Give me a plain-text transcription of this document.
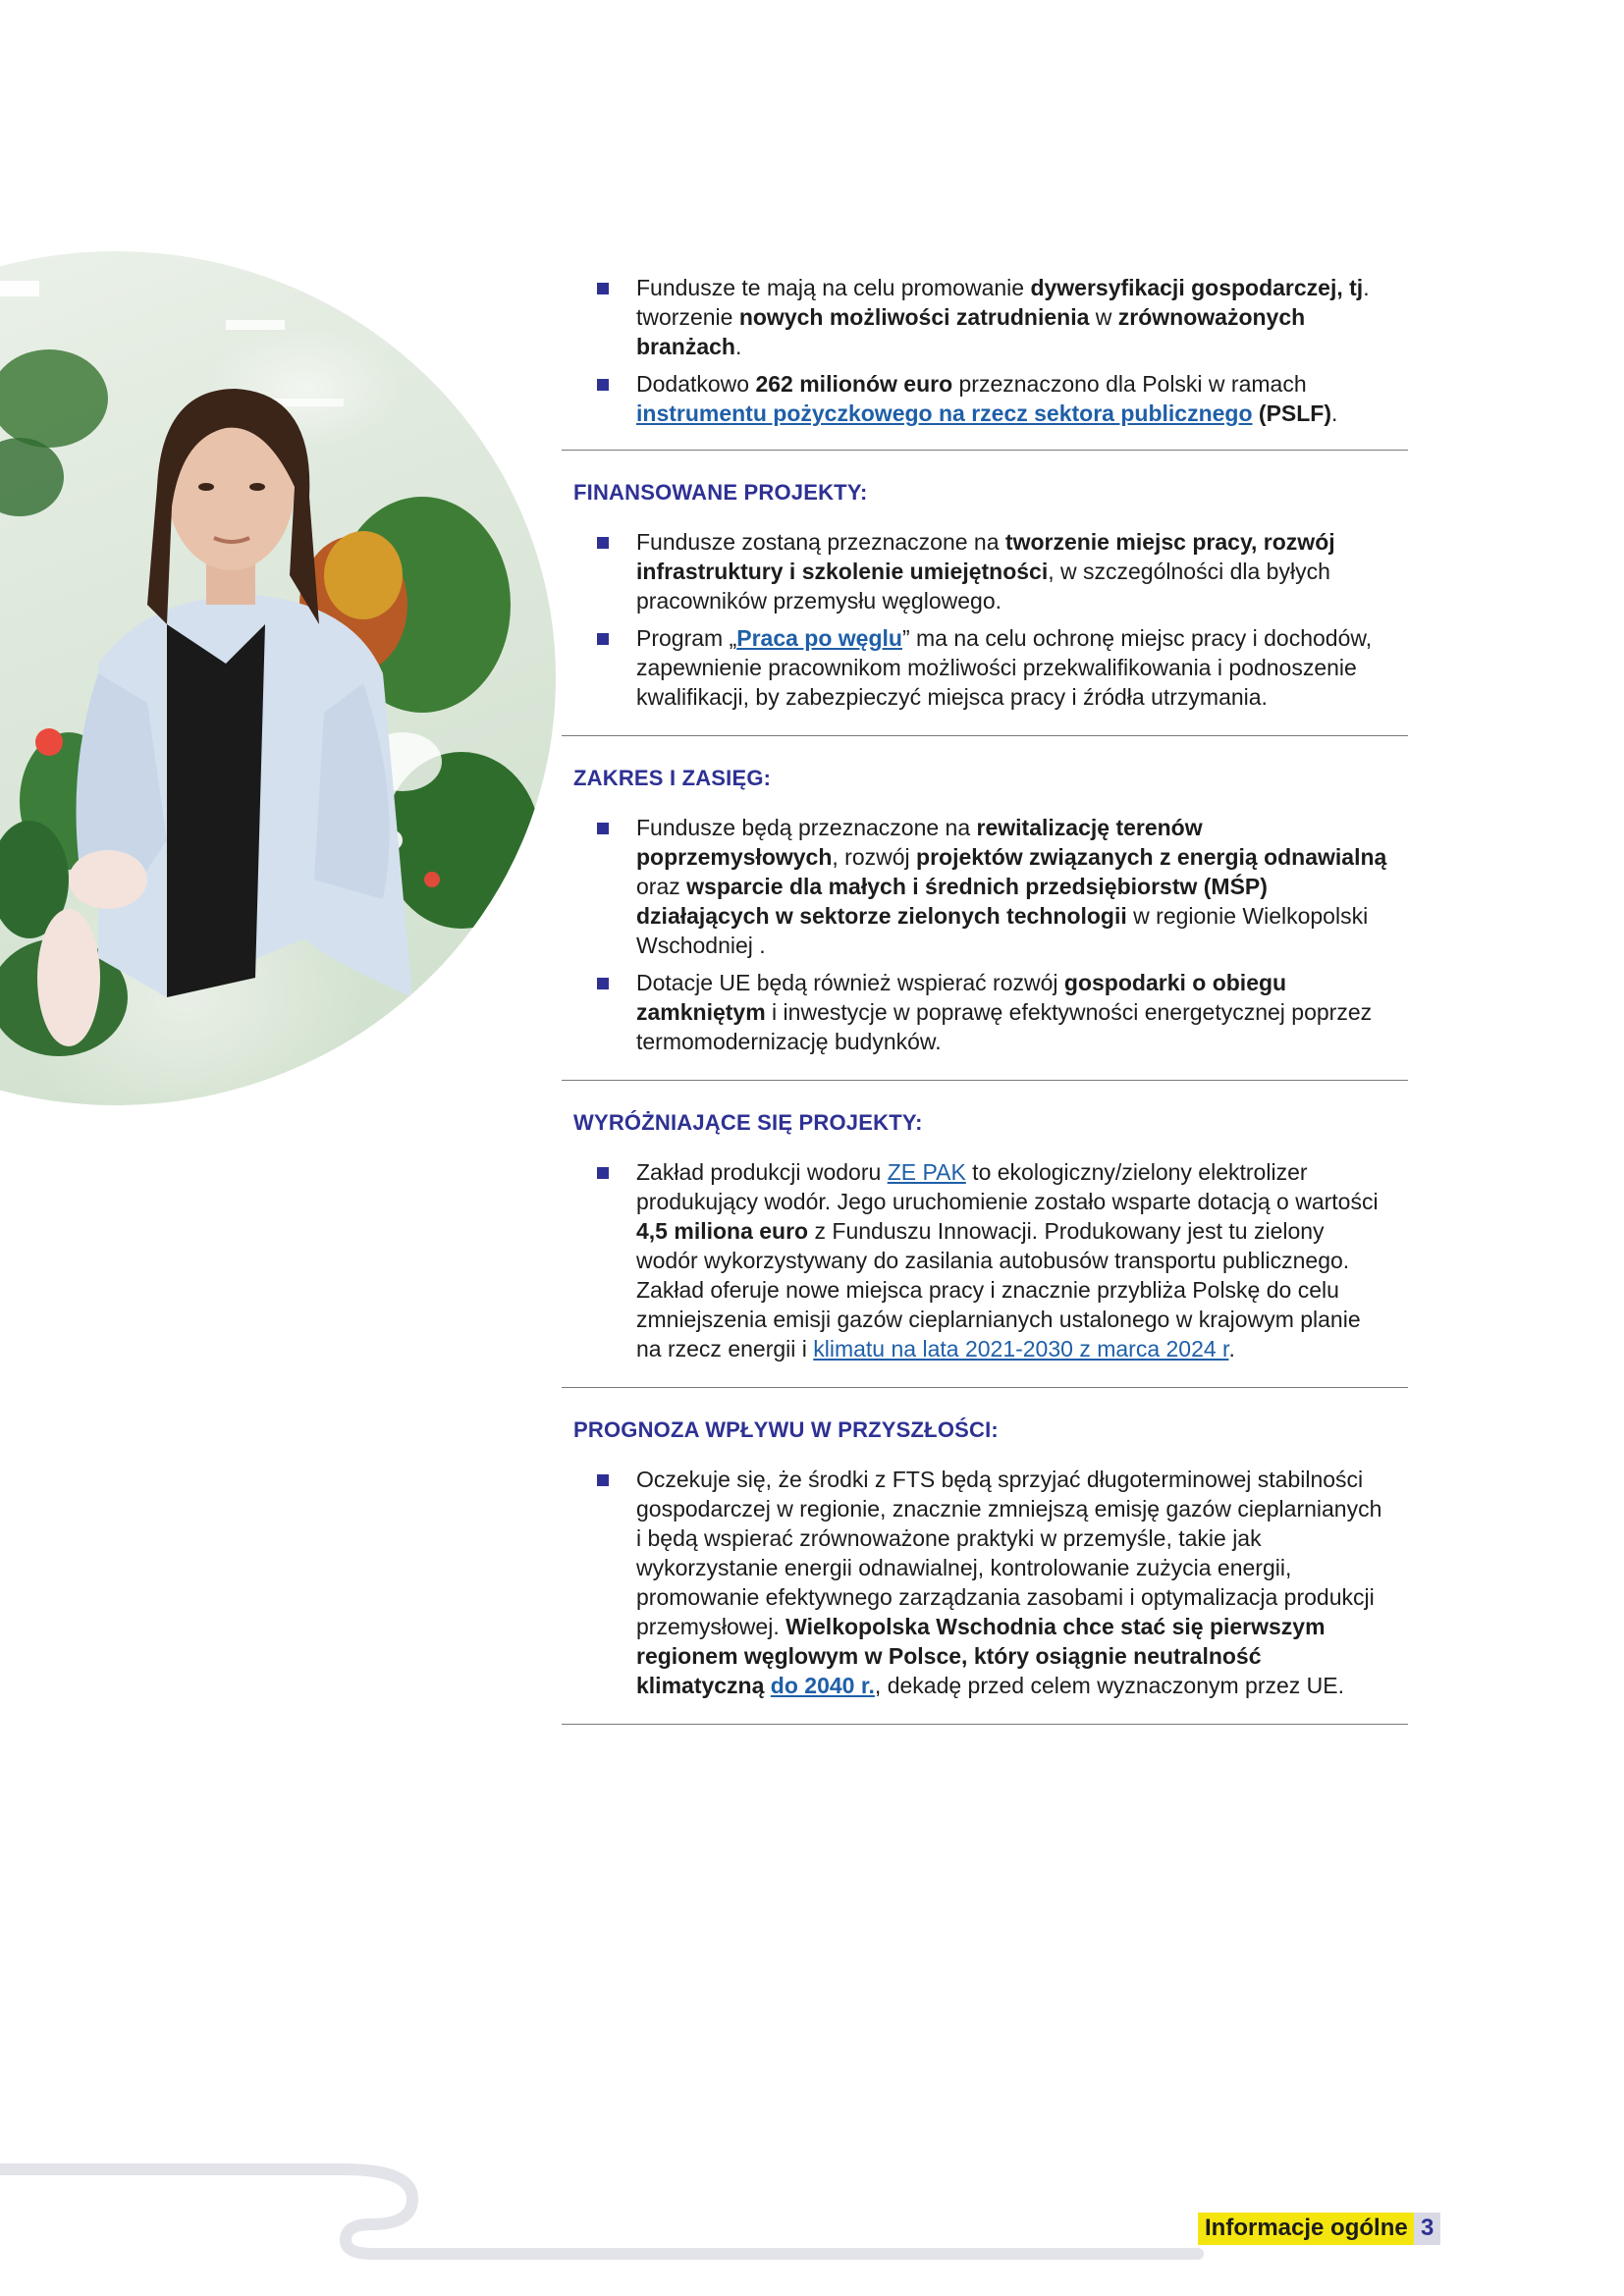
Fundusze te mają na celu promowanie dywersyfikacji gospodarczej, tj. tworzenie nowych możliwości zatrudnienia w zrównoważonych branżach.
Dodatkowo 262 milionów euro przeznaczono dla Polski w ramach instrumentu pożyczkowego na rzecz sektora publicznego (PSLF).
FINANSOWANE PROJEKTY:
Fundusze zostaną przeznaczone na tworzenie miejsc pracy, rozwój infrastruktury i szkolenie umiejętności, w szczególności dla byłych pracowników przemysłu węglowego.
Program „Praca po węglu” ma na celu ochronę miejsc pracy i dochodów, zapewnienie pracownikom możliwości przekwalifikowania i podnoszenie kwalifikacji, by zabezpieczyć miejsca pracy i źródła utrzymania.
ZAKRES I ZASIĘG:
Fundusze będą przeznaczone na rewitalizację terenów poprzemysłowych, rozwój projektów związanych z energią odnawialną oraz wsparcie dla małych i średnich przedsiębiorstw (MŚP) działających w sektorze zielonych technologii w regionie Wielkopolski Wschodniej .
Dotacje UE będą również wspierać rozwój gospodarki o obiegu zamkniętym i inwestycje w poprawę efektywności energetycznej poprzez termomodernizację budynków.
WYRÓŻNIAJĄCE SIĘ PROJEKTY:
Zakład produkcji wodoru ZE PAK to ekologiczny/zielony elektrolizer produkujący wodór. Jego uruchomienie zostało wsparte dotacją o wartości 4,5 miliona euro z Funduszu Innowacji. Produkowany jest tu zielony wodór wykorzystywany do zasilania autobusów transportu publicznego. Zakład oferuje nowe miejsca pracy i znacznie przybliża Polskę do celu zmniejszenia emisji gazów cieplarnianych ustalonego w krajowym planie na rzecz energii i klimatu na lata 2021-2030 z marca 2024 r.
PROGNOZA WPŁYWU W PRZYSZŁOŚCI:
Oczekuje się, że środki z FTS będą sprzyjać długoterminowej stabilności gospodarczej w regionie, znacznie zmniejszą emisję gazów cieplarnianych i będą wspierać zrównoważone praktyki w przemyśle, takie jak wykorzystanie energii odnawialnej, kontrolowanie zużycia energii, promowanie efektywnego zarządzania zasobami i optymalizacja produkcji przemysłowej. Wielkopolska Wschodnia chce stać się pierwszym regionem węglowym w Polsce, który osiągnie neutralność klimatyczną do 2040 r., dekadę przed celem wyznaczonym przez UE.
Informacje ogólne 3
